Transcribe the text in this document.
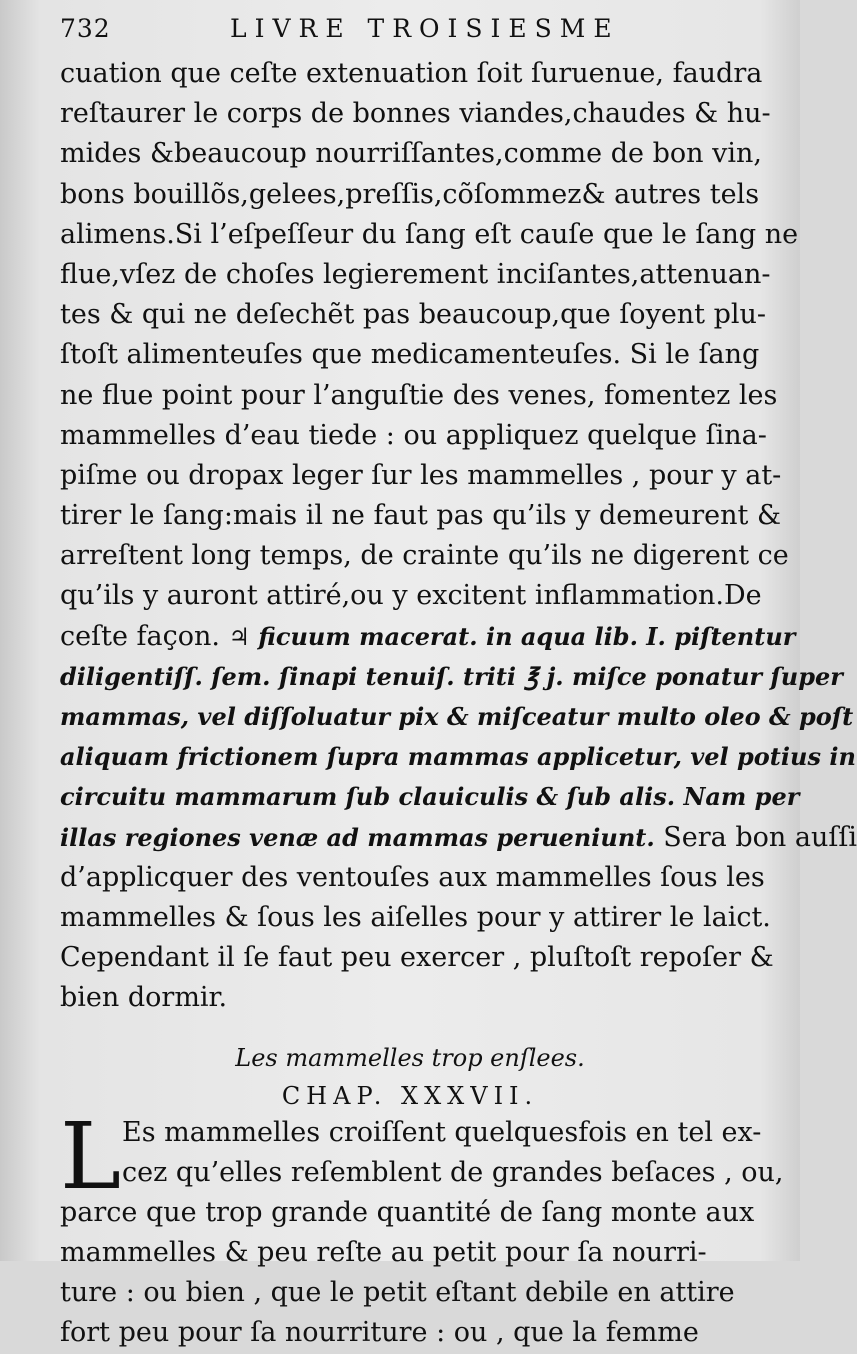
732	LIVRE TROISIESME
cuation que ceſte extenuation ſoit ſuruenue, faudra
reſtaurer le corps de bonnes viandes,chaudes & hu-
mides &beaucoup nourriſſantes,comme de bon vin,
bons bouillõs,gelees,preſſis,cõſommez& autres tels
alimens.Si l’eſpeſſeur du ſang eſt cauſe que le ſang ne
flue,vſez de choſes legierement inciſantes,attenuan-
tes & qui ne deſechẽt pas beaucoup,que ſoyent plu-
ſtoſt alimenteuſes que medicamenteuſes. Si le ſang
ne flue point pour l’anguſtie des venes, fomentez les
mammelles d’eau tiede : ou appliquez quelque ſina-
piſme ou dropax leger ſur les mammelles , pour y at-
tirer le ſang:mais il ne faut pas qu’ils y demeurent &
arreſtent long temps, de crainte qu’ils ne digerent ce
qu’ils y auront attiré,ou y excitent inflammation.De
ceſte façon. ♃ ficuum macerat. in aqua lib. I. piſtentur
diligentiſſ. ſem. ſinapi tenuiſ. triti ℥ j. miſce ponatur ſuper
mammas, vel diſſoluatur pix & miſceatur multo oleo & poſt
aliquam frictionem ſupra mammas applicetur, vel potius in
circuitu mammarum ſub clauiculis & ſub alis. Nam per
illas regiones venæ ad mammas perueniunt. Sera bon auſſi
d’applicquer des ventouſes aux mammelles ſous les
mammelles & ſous les aiſelles pour y attirer le laict.
Cependant il ſe faut peu exercer , pluſtoſt repoſer &
bien dormir.
Les mammelles trop enſlees.
CHAP. XXXVII.
L Es mammelles croiſſent quelquesfois en tel ex-
cez qu’elles reſemblent de grandes beſaces , ou,
parce que trop grande quantité de ſang monte aux
mammelles & peu reſte au petit pour ſa nourri-
ture : ou bien , que le petit eſtant debile en attire
fort peu pour ſa nourriture : ou , que la femme
